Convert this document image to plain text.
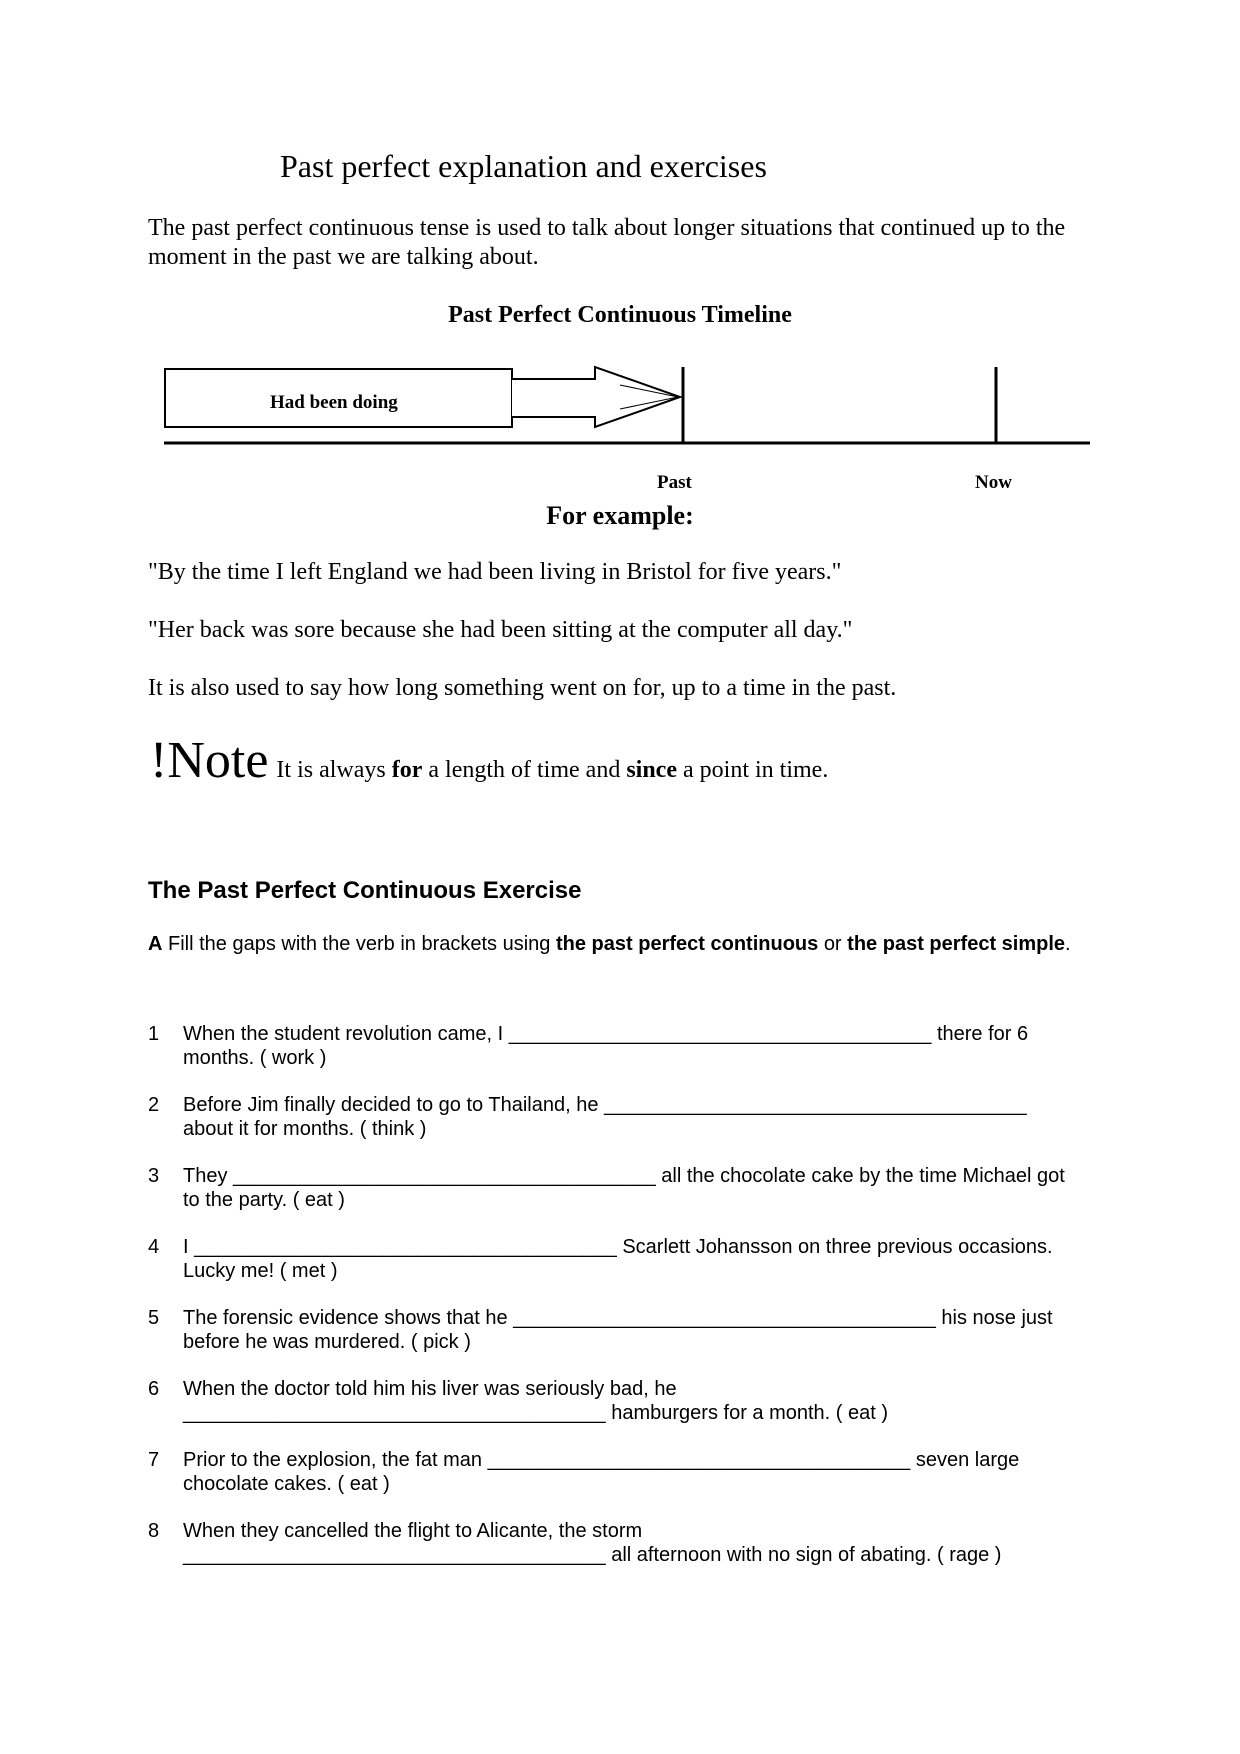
Past perfect explanation and exercises
The past perfect continuous tense is used to talk about longer situations that continued up to the moment in the past we are talking about.
Past Perfect Continuous Timeline
Had been doing
Past	Now
For example:
"By the time I left England we had been living in Bristol for five years."
"Her back was sore because she had been sitting at the computer all day."
It is also used to say how long something went on for, up to a time in the past.
!Note It is always for a length of time and since a point in time.
The Past Perfect Continuous Exercise
A Fill the gaps with the verb in brackets using the past perfect continuous or the past perfect simple.
1	When the student revolution came, I ______________________________________ there for 6
months. ( work )
2	Before Jim finally decided to go to Thailand, he ______________________________________
about it for months. ( think )
3	They ______________________________________ all the chocolate cake by the time Michael got
to the party. ( eat )
4	I ______________________________________ Scarlett Johansson on three previous occasions.
Lucky me! ( met )
5	The forensic evidence shows that he ______________________________________ his nose just
before he was murdered. ( pick )
6	When the doctor told him his liver was seriously bad, he
______________________________________ hamburgers for a month. ( eat )
7	Prior to the explosion, the fat man ______________________________________ seven large
chocolate cakes. ( eat )
8	When they cancelled the flight to Alicante, the storm
______________________________________ all afternoon with no sign of abating. ( rage )
